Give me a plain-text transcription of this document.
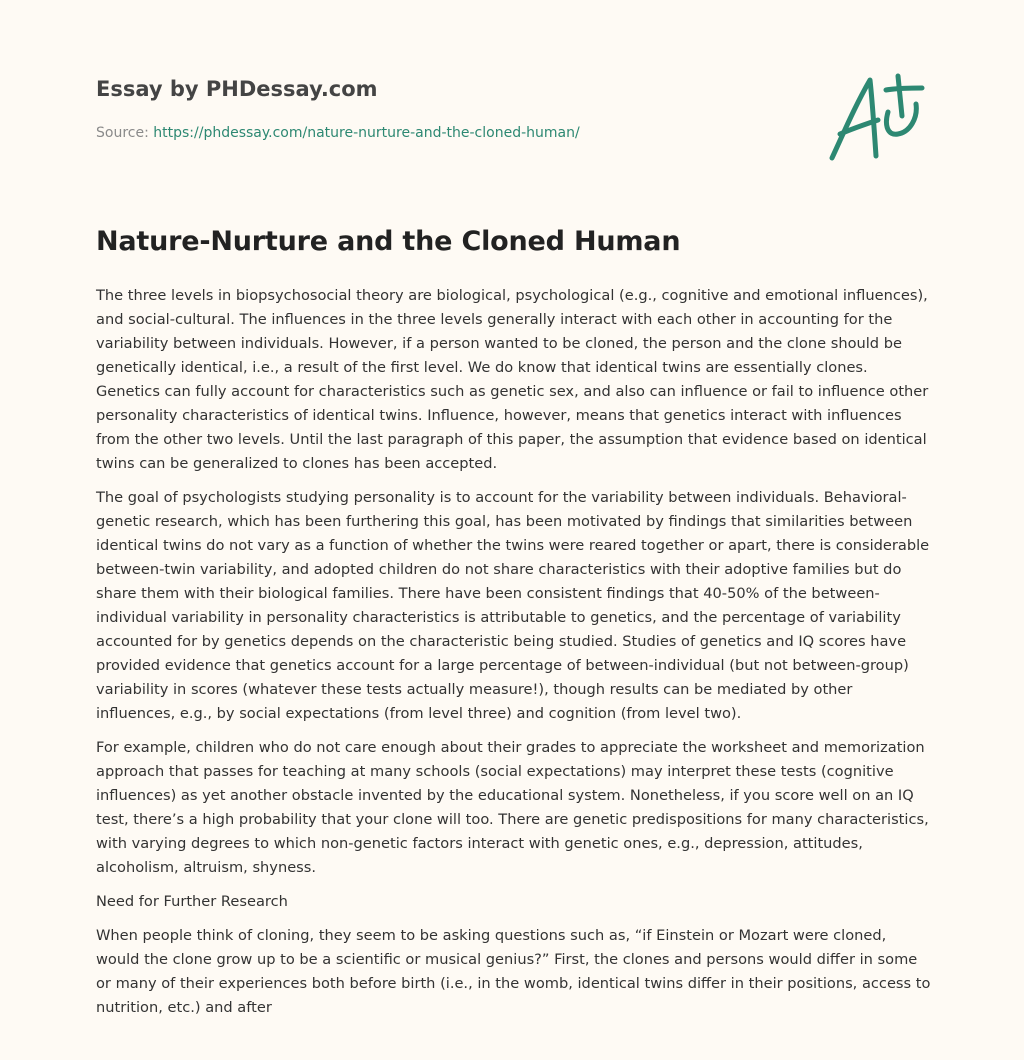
Essay by PHDessay.com
Source: https://phdessay.com/nature-nurture-and-the-cloned-human/
Nature-Nurture and the Cloned Human

The three levels in biopsychosocial theory are biological, psychological (e.g., cognitive and emotional influences), and social-cultural. The influences in the three levels generally interact with each other in accounting for the variability between individuals. However, if a person wanted to be cloned, the person and the clone should be genetically identical, i.e., a result of the first level. We do know that identical twins are essentially clones. Genetics can fully account for characteristics such as genetic sex, and also can influence or fail to influence other personality characteristics of identical twins. Influence, however, means that genetics interact with influences from the other two levels. Until the last paragraph of this paper, the assumption that evidence based on identical twins can be generalized to clones has been accepted.

The goal of psychologists studying personality is to account for the variability between individuals. Behavioral-genetic research, which has been furthering this goal, has been motivated by findings that similarities between identical twins do not vary as a function of whether the twins were reared together or apart, there is considerable between-twin variability, and adopted children do not share characteristics with their adoptive families but do share them with their biological families. There have been consistent findings that 40-50% of the between-individual variability in personality characteristics is attributable to genetics, and the percentage of variability accounted for by genetics depends on the characteristic being studied. Studies of genetics and IQ scores have provided evidence that genetics account for a large percentage of between-individual (but not between-group) variability in scores (whatever these tests actually measure!), though results can be mediated by other influences, e.g., by social expectations (from level three) and cognition (from level two).

For example, children who do not care enough about their grades to appreciate the worksheet and memorization approach that passes for teaching at many schools (social expectations) may interpret these tests (cognitive influences) as yet another obstacle invented by the educational system. Nonetheless, if you score well on an IQ test, there’s a high probability that your clone will too. There are genetic predispositions for many characteristics, with varying degrees to which non-genetic factors interact with genetic ones, e.g., depression, attitudes, alcoholism, altruism, shyness.

Need for Further Research

When people think of cloning, they seem to be asking questions such as, “if Einstein or Mozart were cloned, would the clone grow up to be a scientific or musical genius?” First, the clones and persons would differ in some or many of their experiences both before birth (i.e., in the womb, identical twins differ in their positions, access to nutrition, etc.) and after
